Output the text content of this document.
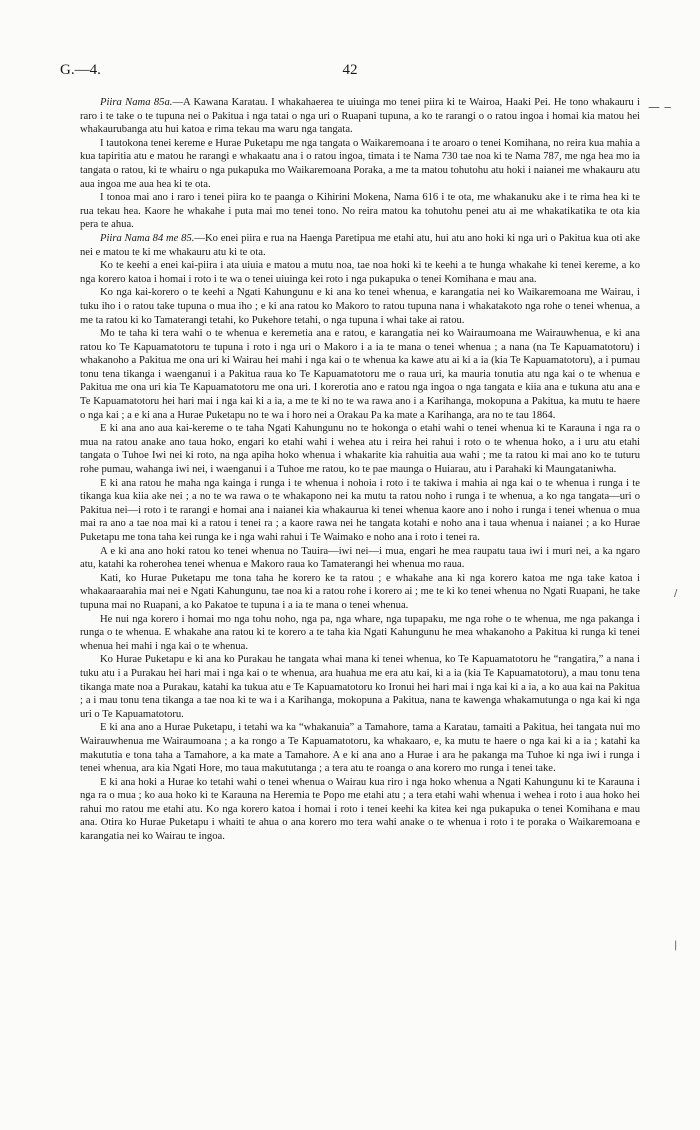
G.—4.	42
— ‒
/
|

Piira Nama 85a.—A Kawana Karatau. I whakahaerea te uiuinga mo tenei piira ki te Wairoa, Haaki Pei. He tono whakauru i raro i te take o te tupuna nei o Pakitua i nga tatai o nga uri o Ruapani tupuna, a ko te rarangi o o ratou ingoa i homai kia matou hei whakaurubanga atu hui katoa e rima tekau ma waru nga tangata.

I tautokona tenei kereme e Hurae Puketapu me nga tangata o Waikaremoana i te aroaro o tenei Komihana, no reira kua mahia a kua tapiritia atu e matou he rarangi e whakaatu ana i o ratou ingoa, timata i te Nama 730 tae noa ki te Nama 787, me nga hea mo ia tangata o ratou, ki te whairu o nga pukapuka mo Waikaremoana Poraka, a me ta matou tohutohu atu hoki i naianei me whakauru atu aua ingoa me aua hea ki te ota.

I tonoa mai ano i raro i tenei piira ko te paanga o Kihirini Mokena, Nama 616 i te ota, me whakanuku ake i te rima hea ki te rua tekau hea. Kaore he whakahe i puta mai mo tenei tono. No reira matou ka tohutohu penei atu ai me whakatikatika te ota kia pera te ahua.

Piira Nama 84 me 85.—Ko enei piira e rua na Haenga Paretipua me etahi atu, hui atu ano hoki ki nga uri o Pakitua kua oti ake nei e matou te ki me whakauru atu ki te ota.

Ko te keehi a enei kai-piira i ata uiuia e matou a mutu noa, tae noa hoki ki te keehi a te hunga whakahe ki tenei kereme, a ko nga korero katoa i homai i roto i te wa o tenei uiuinga kei roto i nga pukapuka o tenei Komihana e mau ana.

Ko nga kai-korero o te keehi a Ngati Kahungunu e ki ana ko tenei whenua, e karangatia nei ko Waikaremoana me Wairau, i tuku iho i o ratou take tupuna o mua iho ; e ki ana ratou ko Makoro to ratou tupuna nana i whakatakoto nga rohe o tenei whenua, a me ta ratou ki ko Tamaterangi tetahi, ko Pukehore tetahi, o nga tupuna i whai take ai ratou.

Mo te taha ki tera wahi o te whenua e keremetia ana e ratou, e karangatia nei ko Wairaumoana me Wairauwhenua, e ki ana ratou ko Te Kapuamatotoru te tupuna i roto i nga uri o Makoro i a ia te mana o tenei whenua ; a nana (na Te Kapuamatotoru) i whakanoho a Pakitua me ona uri ki Wairau hei mahi i nga kai o te whenua ka kawe atu ai ki a ia (kia Te Kapuamatotoru), a i pumau tonu tena tikanga i waenganui i a Pakitua raua ko Te Kapuamatotoru me o raua uri, ka mauria tonutia atu nga kai o te whenua e Pakitua me ona uri kia Te Kapuamatotoru me ona uri. I korerotia ano e ratou nga ingoa o nga tangata e kiia ana e tukuna atu ana e Te Kapuamatotoru hei hari mai i nga kai ki a ia, a me te ki no te wa rawa ano i a Karihanga, mokopuna a Pakitua, ka mutu te haere o nga kai ; a e ki ana a Hurae Puketapu no te wa i horo nei a Orakau Pa ka mate a Karihanga, ara no te tau 1864.

E ki ana ano aua kai-kereme o te taha Ngati Kahungunu no te hokonga o etahi wahi o tenei whenua ki te Karauna i nga ra o mua na ratou anake ano taua hoko, engari ko etahi wahi i wehea atu i reira hei rahui i roto o te whenua hoko, a i uru atu etahi tangata o Tuhoe Iwi nei ki roto, na nga apiha hoko whenua i whakarite kia rahuitia aua wahi ; me ta ratou ki mai ano ko te tuturu rohe pumau, wahanga iwi nei, i waenganui i a Tuhoe me ratou, ko te pae maunga o Huiarau, atu i Parahaki ki Maungataniwha.

E ki ana ratou he maha nga kainga i runga i te whenua i nohoia i roto i te takiwa i mahia ai nga kai o te whenua i runga i te tikanga kua kiia ake nei ; a no te wa rawa o te whakapono nei ka mutu ta ratou noho i runga i te whenua, a ko nga tangata—uri o Pakitua nei—i roto i te rarangi e homai ana i naianei kia whakaurua ki tenei whenua kaore ano i noho i runga i tenei whenua o mua mai ra ano a tae noa mai ki a ratou i tenei ra ; a kaore rawa nei he tangata kotahi e noho ana i taua whenua i naianei ; a ko Hurae Puketapu me tona taha kei runga ke i nga wahi rahui i Te Waimako e noho ana i roto i tenei ra.

A e ki ana ano hoki ratou ko tenei whenua no Tauira—iwi nei—i mua, engari he mea raupatu taua iwi i muri nei, a ka ngaro atu, katahi ka roherohea tenei whenua e Makoro raua ko Tamaterangi hei whenua mo raua.

Kati, ko Hurae Puketapu me tona taha he korero ke ta ratou ; e whakahe ana ki nga korero katoa me nga take katoa i whakaaraarahia mai nei e Ngati Kahungunu, tae noa ki a ratou rohe i korero ai ; me te ki ko tenei whenua no Ngati Ruapani, he take tupuna mai no Ruapani, a ko Pakatoe te tupuna i a ia te mana o tenei whenua.

He nui nga korero i homai mo nga tohu noho, nga pa, nga whare, nga tupapaku, me nga rohe o te whenua, me nga pakanga i runga o te whenua. E whakahe ana ratou ki te korero a te taha kia Ngati Kahungunu he mea whakanoho a Pakitua ki runga ki tenei whenua hei mahi i nga kai o te whenua.

Ko Hurae Puketapu e ki ana ko Purakau he tangata whai mana ki tenei whenua, ko Te Kapuamatotoru he “rangatira,” a nana i tuku atu i a Purakau hei hari mai i nga kai o te whenua, ara huahua me era atu kai, ki a ia (kia Te Kapuamatotoru), a mau tonu tena tikanga mate noa a Purakau, katahi ka tukua atu e Te Kapuamatotoru ko Ironui hei hari mai i nga kai ki a ia, a ko aua kai na Pakitua ; a i mau tonu tena tikanga a tae noa ki te wa i a Karihanga, mokopuna a Pakitua, nana te kawenga whakamutunga o nga kai ki nga uri o Te Kapuamatotoru.

E ki ana ano a Hurae Puketapu, i tetahi wa ka “whakanuia” a Tamahore, tama a Karatau, tamaiti a Pakitua, hei tangata nui mo Wairauwhenua me Wairaumoana ; a ka rongo a Te Kapuamatotoru, ka whakaaro, e, ka mutu te haere o nga kai ki a ia ; katahi ka makututia e tona taha a Tamahore, a ka mate a Tamahore. A e ki ana ano a Hurae i ara he pakanga ma Tuhoe ki nga iwi i runga i tenei whenua, ara kia Ngati Hore, mo taua makututanga ; a tera atu te roanga o ana korero mo runga i tenei take.

E ki ana hoki a Hurae ko tetahi wahi o tenei whenua o Wairau kua riro i nga hoko whenua a Ngati Kahungunu ki te Karauna i nga ra o mua ; ko aua hoko ki te Karauna na Heremia te Popo me etahi atu ; a tera etahi wahi whenua i wehea i roto i aua hoko hei rahui mo ratou me etahi atu. Ko nga korero katoa i homai i roto i tenei keehi ka kitea kei nga pukapuka o tenei Komihana e mau ana. Otira ko Hurae Puketapu i whaiti te ahua o ana korero mo tera wahi anake o te whenua i roto i te poraka o Waikaremoana e karangatia nei ko Wairau te ingoa.
